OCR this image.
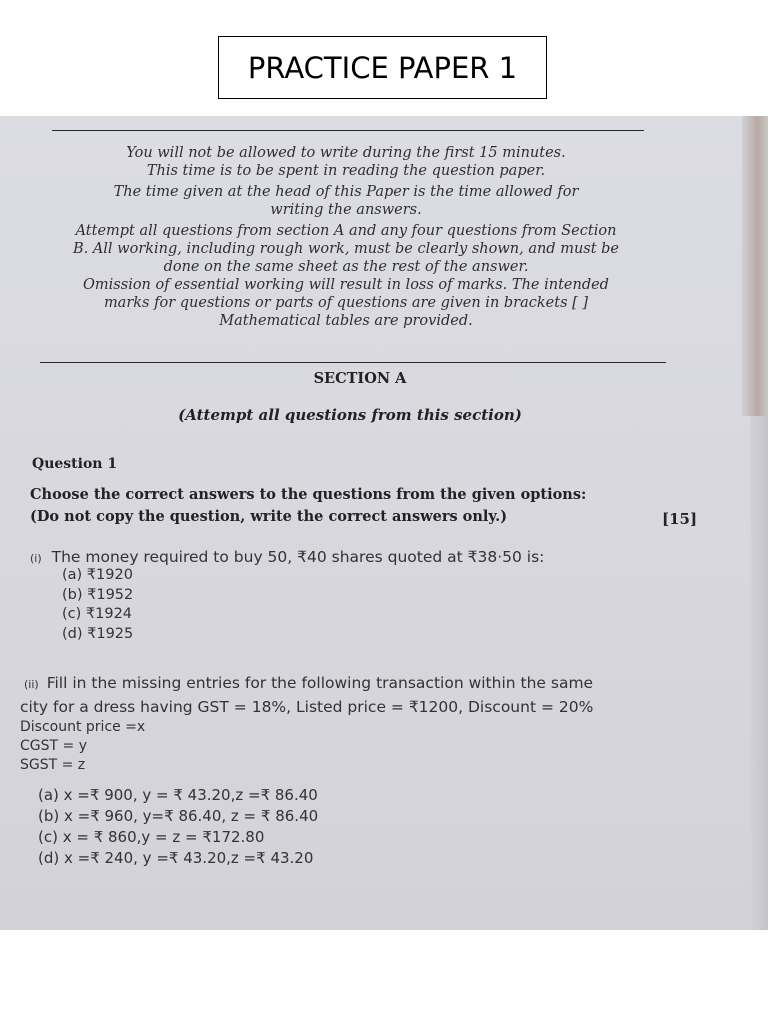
PRACTICE PAPER 1
You will not be allowed to write during the first 15 minutes.
This time is to be spent in reading the question paper.
The time given at the head of this Paper is the time allowed for
writing the answers.
Attempt all questions from section A and any four questions from Section
B. All working, including rough work, must be clearly shown, and must be
done on the same sheet as the rest of the answer.
Omission of essential working will result in loss of marks. The intended
marks for questions or parts of questions are given in brackets [ ]
Mathematical tables are provided.
SECTION A
(Attempt all questions from this section)
Question 1
Choose the correct answers to the questions from the given options:
(Do not copy the question, write the correct answers only.)	[15]
(i) The money required to buy 50, ₹40 shares quoted at ₹38·50 is:
(a) ₹1920
(b) ₹1952
(c) ₹1924
(d) ₹1925
(ii) Fill in the missing entries for the following transaction within the same
city for a dress having GST = 18%, Listed price = ₹1200, Discount = 20%
Discount price =x
CGST = y
SGST = z
(a) x =₹ 900, y = ₹ 43.20,z =₹ 86.40
(b) x =₹ 960, y=₹ 86.40, z = ₹ 86.40
(c) x = ₹ 860,y = z = ₹172.80
(d) x =₹ 240, y =₹ 43.20,z =₹ 43.20
